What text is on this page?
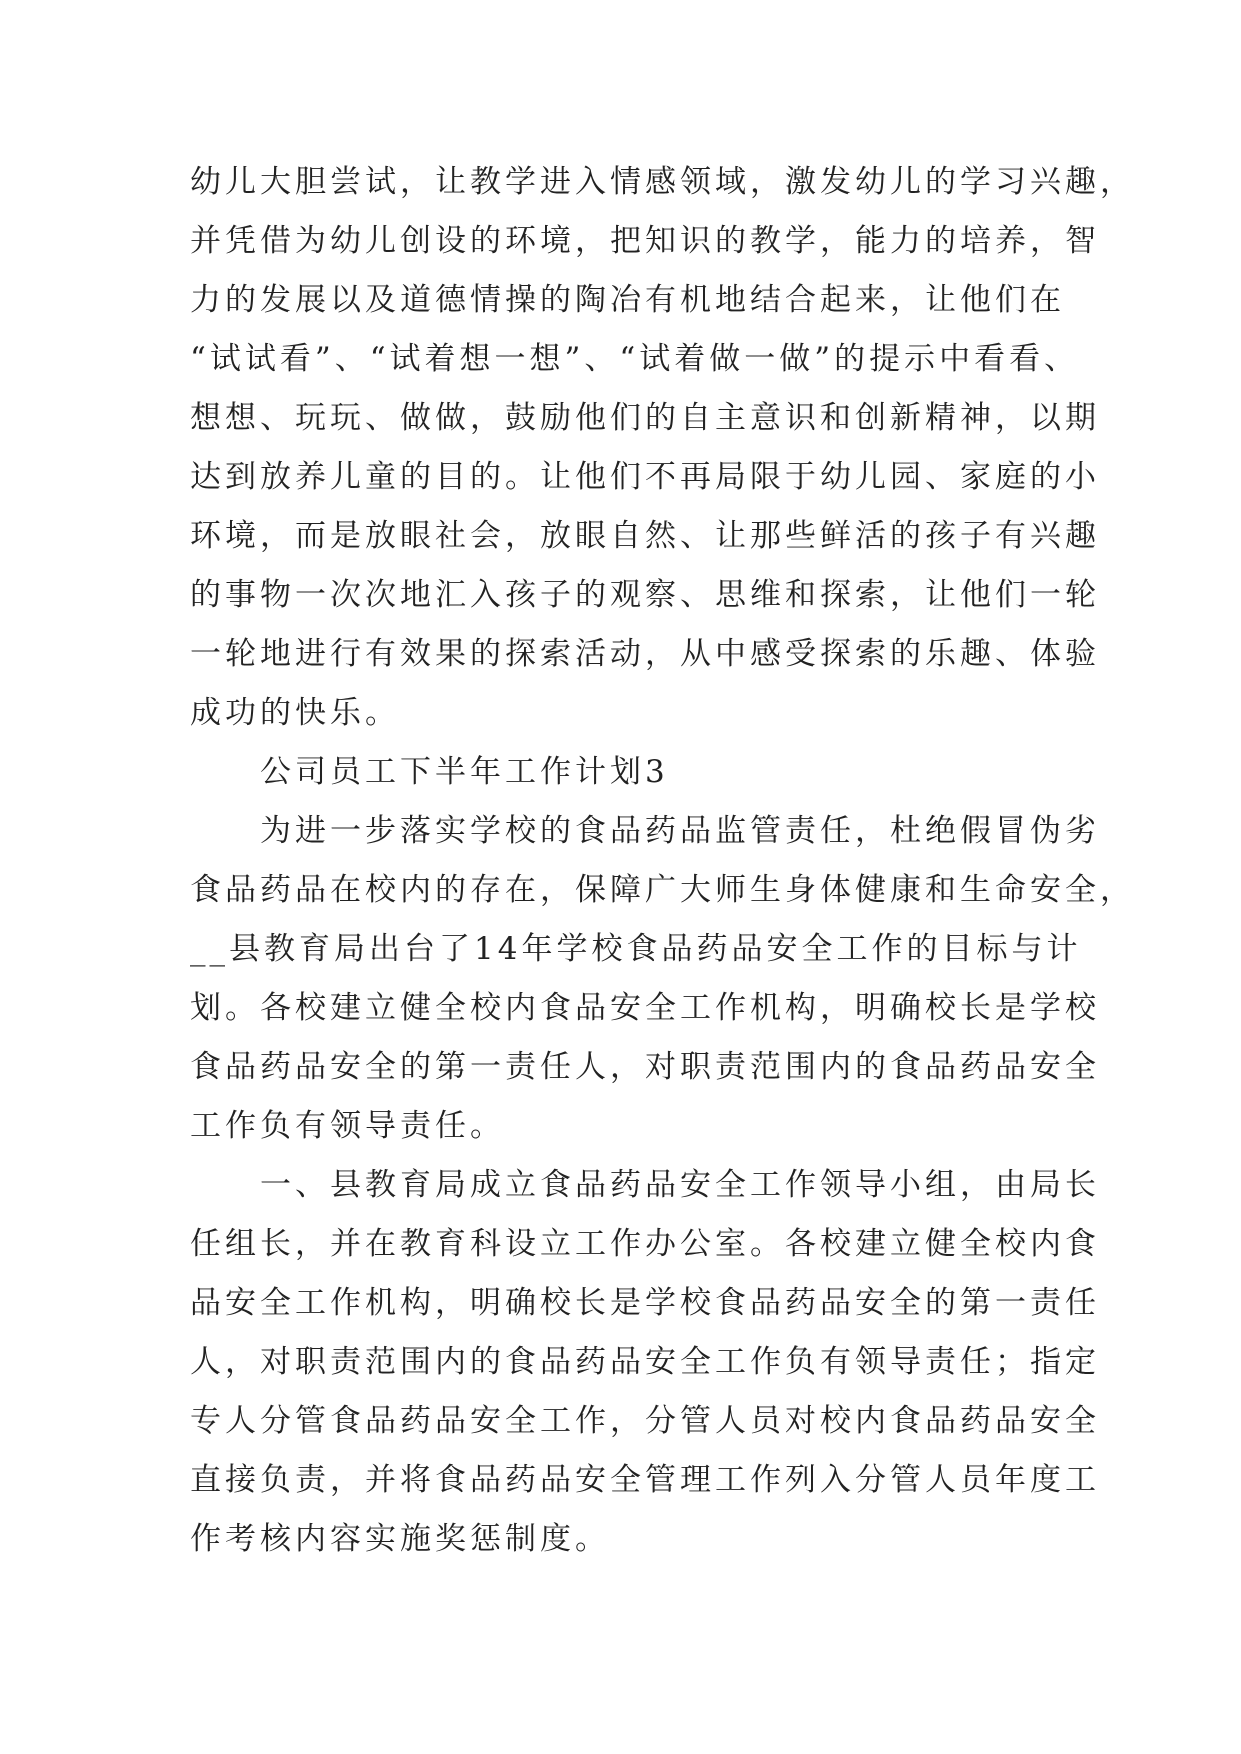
幼儿大胆尝试，让教学进入情感领域，激发幼儿的学习兴趣，
并凭借为幼儿创设的环境，把知识的教学，能力的培养，智
力的发展以及道德情操的陶冶有机地结合起来，让他们在
“试试看”、“试着想一想”、“试着做一做”的提示中看看、
想想、玩玩、做做，鼓励他们的自主意识和创新精神，以期
达到放养儿童的目的。让他们不再局限于幼儿园、家庭的小
环境，而是放眼社会，放眼自然、让那些鲜活的孩子有兴趣
的事物一次次地汇入孩子的观察、思维和探索，让他们一轮
一轮地进行有效果的探索活动，从中感受探索的乐趣、体验
成功的快乐。
公司员工下半年工作计划3
为进一步落实学校的食品药品监管责任，杜绝假冒伪劣
食品药品在校内的存在，保障广大师生身体健康和生命安全，
__县教育局出台了14年学校食品药品安全工作的目标与计
划。各校建立健全校内食品安全工作机构，明确校长是学校
食品药品安全的第一责任人，对职责范围内的食品药品安全
工作负有领导责任。
一、县教育局成立食品药品安全工作领导小组，由局长
任组长，并在教育科设立工作办公室。各校建立健全校内食
品安全工作机构，明确校长是学校食品药品安全的第一责任
人，对职责范围内的食品药品安全工作负有领导责任；指定
专人分管食品药品安全工作，分管人员对校内食品药品安全
直接负责，并将食品药品安全管理工作列入分管人员年度工
作考核内容实施奖惩制度。
